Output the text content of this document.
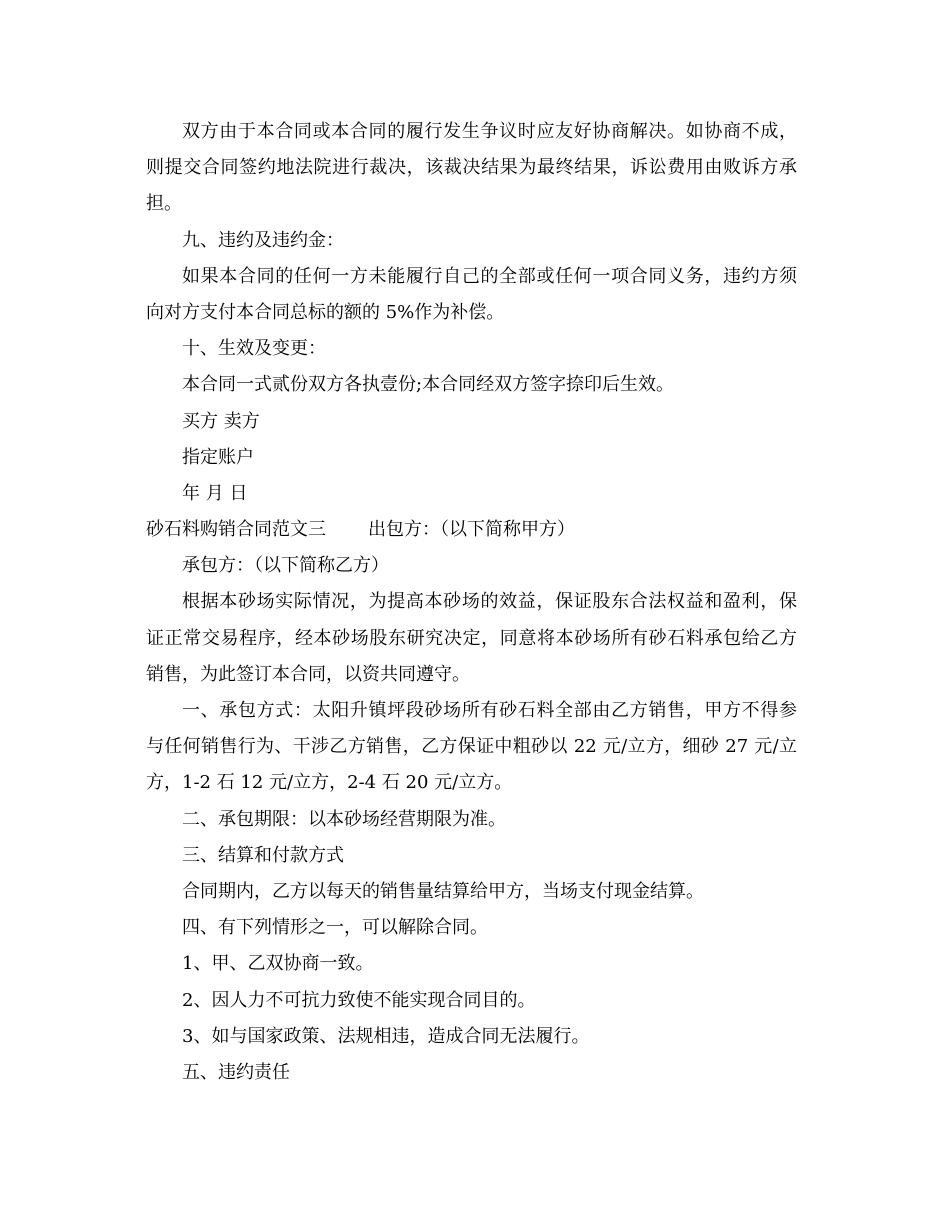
双方由于本合同或本合同的履行发生争议时应友好协商解决。如协商不成，
则提交合同签约地法院进行裁决，该裁决结果为最终结果，诉讼费用由败诉方承
担。
九、违约及违约金：
如果本合同的任何一方未能履行自己的全部或任何一项合同义务，违约方须
向对方支付本合同总标的额的 5%作为补偿。
十、生效及变更：
本合同一式贰份双方各执壹份;本合同经双方签字捺印后生效。
买方 卖方
指定账户
年 月 日
砂石料购销合同范文三 出包方：（以下简称甲方）
承包方：（以下简称乙方）
根据本砂场实际情况，为提高本砂场的效益，保证股东合法权益和盈利，保
证正常交易程序，经本砂场股东研究决定，同意将本砂场所有砂石料承包给乙方
销售，为此签订本合同，以资共同遵守。
一、承包方式：太阳升镇坪段砂场所有砂石料全部由乙方销售，甲方不得参
与任何销售行为、干涉乙方销售，乙方保证中粗砂以 22 元/立方，细砂 27 元/立
方，1-2 石 12 元/立方，2-4 石 20 元/立方。
二、承包期限：以本砂场经营期限为准。
三、结算和付款方式
合同期内，乙方以每天的销售量结算给甲方，当场支付现金结算。
四、有下列情形之一，可以解除合同。
1、甲、乙双协商一致。
2、因人力不可抗力致使不能实现合同目的。
3、如与国家政策、法规相违，造成合同无法履行。
五、违约责任
